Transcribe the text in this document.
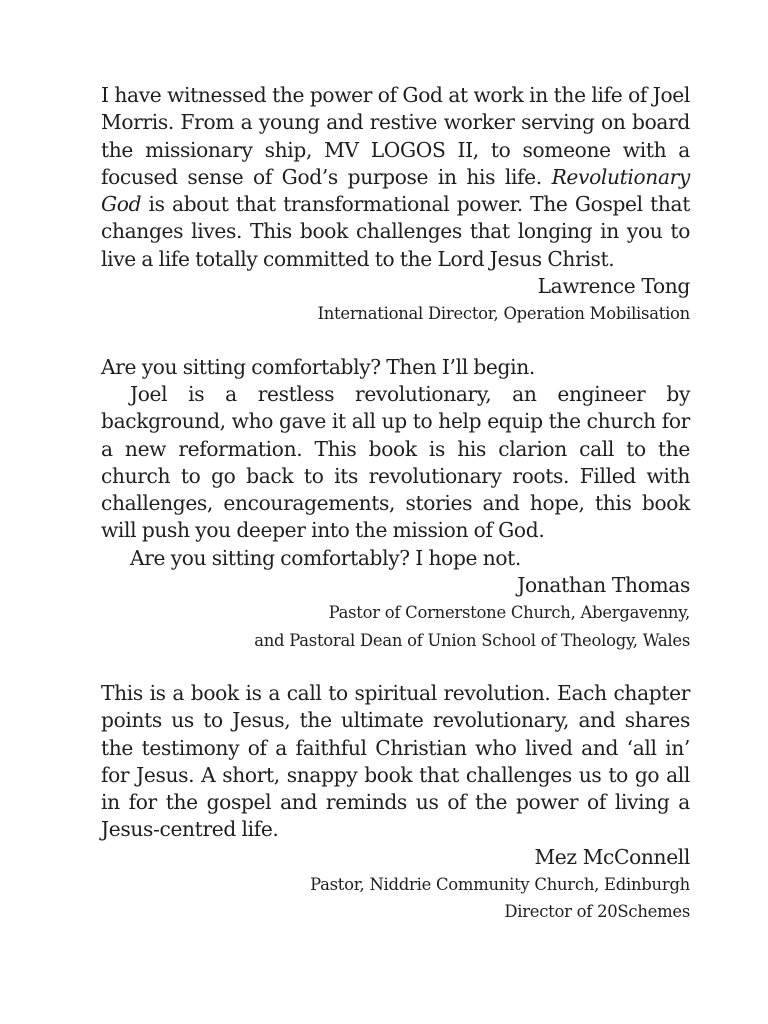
I have witnessed the power of God at work in the life of Joel Morris. From a young and restive worker serving on board the missionary ship, MV LOGOS II, to someone with a focused sense of God’s purpose in his life. Revolutionary God is about that transformational power. The Gospel that changes lives. This book challenges that longing in you to live a life totally committed to the Lord Jesus Christ.

Lawrence Tong

International Director, Operation Mobilisation

Are you sitting comfortably? Then I’ll begin.

Joel is a restless revolutionary, an engineer by background, who gave it all up to help equip the church for a new reformation. This book is his clarion call to the church to go back to its revolutionary roots. Filled with challenges, encouragements, stories and hope, this book will push you deeper into the mission of God.

Are you sitting comfortably? I hope not.

Jonathan Thomas

Pastor of Cornerstone Church, Abergavenny,

and Pastoral Dean of Union School of Theology, Wales

This is a book is a call to spiritual revolution. Each chapter points us to Jesus, the ultimate revolutionary, and shares the testimony of a faithful Christian who lived and ‘all in’ for Jesus. A short, snappy book that challenges us to go all in for the gospel and reminds us of the power of living a Jesus-centred life.

Mez McConnell

Pastor, Niddrie Community Church, Edinburgh

Director of 20Schemes
